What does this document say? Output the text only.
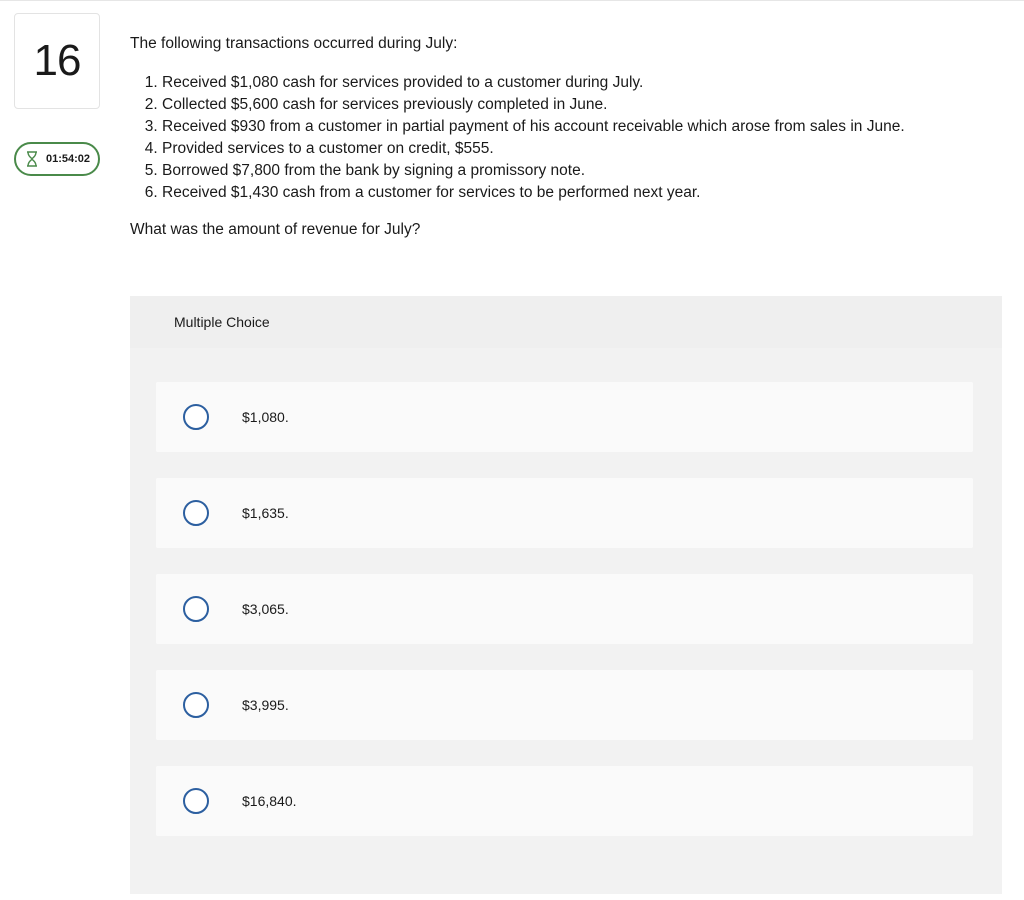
16
01:54:02

The following transactions occurred during July:

1. Received $1,080 cash for services provided to a customer during July.
2. Collected $5,600 cash for services previously completed in June.
3. Received $930 from a customer in partial payment of his account receivable which arose from sales in June.
4. Provided services to a customer on credit, $555.
5. Borrowed $7,800 from the bank by signing a promissory note.
6. Received $1,430 cash from a customer for services to be performed next year.

What was the amount of revenue for July?

Multiple Choice
$1,080.
$1,635.
$3,065.
$3,995.
$16,840.
